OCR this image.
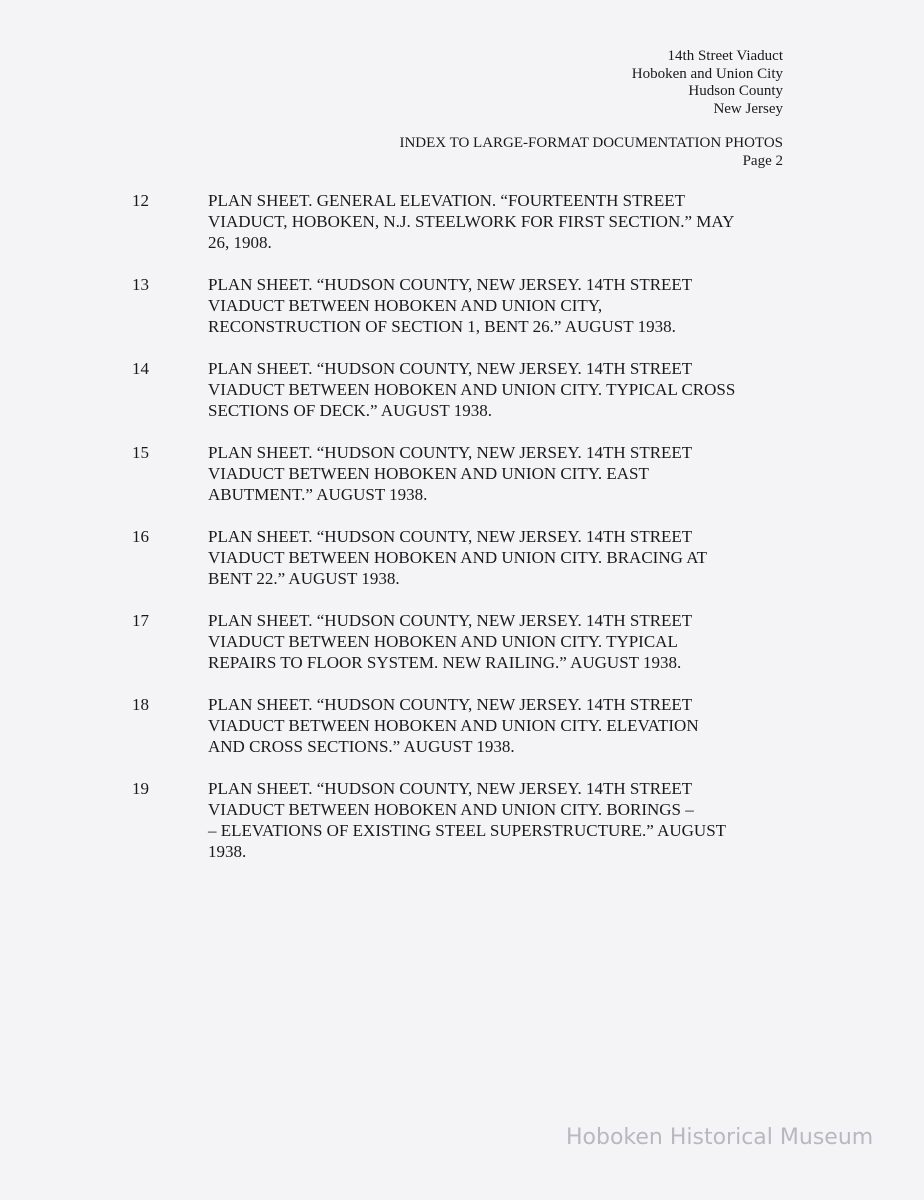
14th Street Viaduct
Hoboken and Union City
Hudson County
New Jersey
INDEX TO LARGE-FORMAT DOCUMENTATION PHOTOS
Page 2
12	PLAN SHEET. GENERAL ELEVATION. “FOURTEENTH STREET
VIADUCT, HOBOKEN, N.J. STEELWORK FOR FIRST SECTION.” MAY
26, 1908.
13	PLAN SHEET. “HUDSON COUNTY, NEW JERSEY. 14TH STREET
VIADUCT BETWEEN HOBOKEN AND UNION CITY,
RECONSTRUCTION OF SECTION 1, BENT 26.” AUGUST 1938.
14	PLAN SHEET. “HUDSON COUNTY, NEW JERSEY. 14TH STREET
VIADUCT BETWEEN HOBOKEN AND UNION CITY. TYPICAL CROSS
SECTIONS OF DECK.” AUGUST 1938.
15	PLAN SHEET. “HUDSON COUNTY, NEW JERSEY. 14TH STREET
VIADUCT BETWEEN HOBOKEN AND UNION CITY. EAST
ABUTMENT.” AUGUST 1938.
16	PLAN SHEET. “HUDSON COUNTY, NEW JERSEY. 14TH STREET
VIADUCT BETWEEN HOBOKEN AND UNION CITY. BRACING AT
BENT 22.” AUGUST 1938.
17	PLAN SHEET. “HUDSON COUNTY, NEW JERSEY. 14TH STREET
VIADUCT BETWEEN HOBOKEN AND UNION CITY. TYPICAL
REPAIRS TO FLOOR SYSTEM. NEW RAILING.” AUGUST 1938.
18	PLAN SHEET. “HUDSON COUNTY, NEW JERSEY. 14TH STREET
VIADUCT BETWEEN HOBOKEN AND UNION CITY. ELEVATION
AND CROSS SECTIONS.” AUGUST 1938.
19	PLAN SHEET. “HUDSON COUNTY, NEW JERSEY. 14TH STREET
VIADUCT BETWEEN HOBOKEN AND UNION CITY. BORINGS –
– ELEVATIONS OF EXISTING STEEL SUPERSTRUCTURE.” AUGUST
1938.
Hoboken Historical Museum
